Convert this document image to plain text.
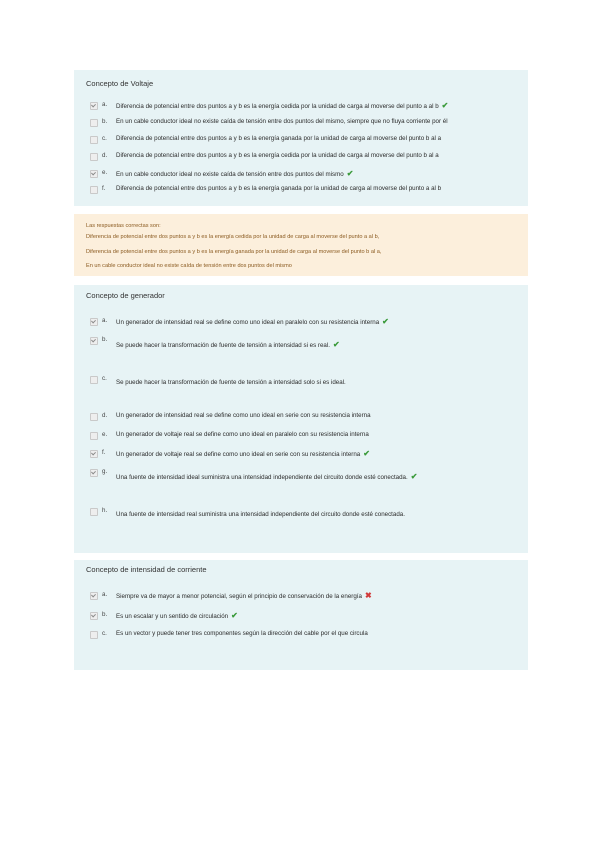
Concepto de Voltaje
a. Diferencia de potencial entre dos puntos a y b es la energía cedida por la unidad de carga al moverse del punto a al b ✔
b. En un cable conductor ideal no existe caída de tensión entre dos puntos del mismo, siempre que no fluya corriente por él
c. Diferencia de potencial entre dos puntos a y b es la energía ganada por la unidad de carga al moverse del punto b al a
d. Diferencia de potencial entre dos puntos a y b es la energía cedida por la unidad de carga al moverse del punto b al a
e. En un cable conductor ideal no existe caída de tensión entre dos puntos del mismo ✔
f. Diferencia de potencial entre dos puntos a y b es la energía ganada por la unidad de carga al moverse del punto a al b
Las respuestas correctas son:
Diferencia de potencial entre dos puntos a y b es la energía cedida por la unidad de carga al moverse del punto a al b,
Diferencia de potencial entre dos puntos a y b es la energía ganada por la unidad de carga al moverse del punto b al a,
En un cable conductor ideal no existe caída de tensión entre dos puntos del mismo
Concepto de generador
a. Un generador de intensidad real se define como uno ideal en paralelo con su resistencia interna ✔
b.
Se puede hacer la transformación de fuente de tensión a intensidad si es real. ✔
c.
Se puede hacer la transformación de fuente de tensión a intensidad solo si es ideal.
d. Un generador de intensidad real se define como uno ideal en serie con su resistencia interna
e. Un generador de voltaje real se define como uno ideal en paralelo con su resistencia interna
f. Un generador de voltaje real se define como uno ideal en serie con su resistencia interna ✔
g.
Una fuente de intensidad ideal suministra una intensidad independiente del circuito donde esté conectada. ✔
h.
Una fuente de intensidad real suministra una intensidad independiente del circuito donde esté conectada.
Concepto de intensidad de corriente
a. Siempre va de mayor a menor potencial, según el principio de conservación de la energía ✖
b. Es un escalar y un sentido de circulación ✔
c. Es un vector y puede tener tres componentes según la dirección del cable por el que circula
